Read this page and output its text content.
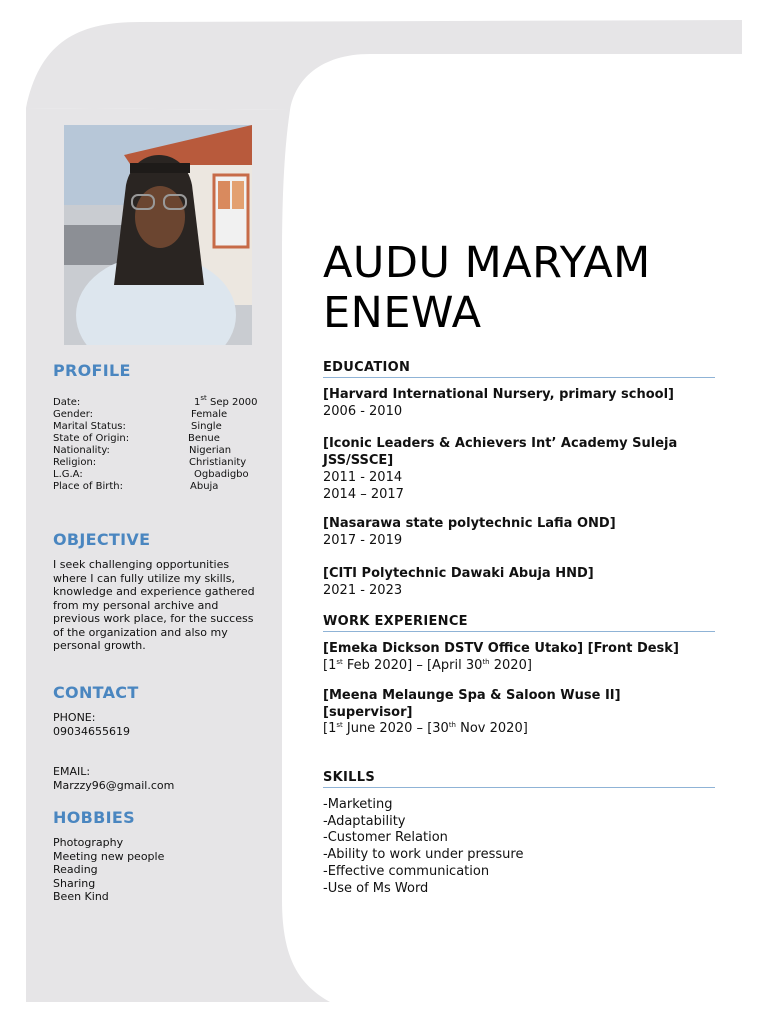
PROFILE
Date:	1st Sep 2000
Gender:	Female
Marital Status:	Single
State of Origin:	Benue
Nationality:	Nigerian
Religion:	Christianity
L.G.A:	Ogbadigbo
Place of Birth:	Abuja
OBJECTIVE
I seek challenging opportunities
where I can fully utilize my skills,
knowledge and experience gathered
from my personal archive and
previous work place, for the success
of the organization and also my
personal growth.
CONTACT
PHONE:
09034655619
EMAIL:
Marzzy96@gmail.com
HOBBIES
Photography
Meeting new people
Reading
Sharing
Been Kind
AUDU MARYAM
ENEWA
EDUCATION
[Harvard International Nursery, primary school]
2006 - 2010
[Iconic Leaders & Achievers Int’ Academy Suleja
JSS/SSCE]
2011 - 2014
2014 – 2017
[Nasarawa state polytechnic Lafia OND]
2017 - 2019
[CITI Polytechnic Dawaki Abuja HND]
2021 - 2023
WORK EXPERIENCE
[Emeka Dickson DSTV Office Utako] [Front Desk]
[1st Feb 2020] – [April 30th 2020]
[Meena Melaunge Spa & Saloon Wuse II]
[supervisor]
[1st June 2020 – [30th Nov 2020]
SKILLS
-Marketing
-Adaptability
-Customer Relation
-Ability to work under pressure
-Effective communication
-Use of Ms Word
